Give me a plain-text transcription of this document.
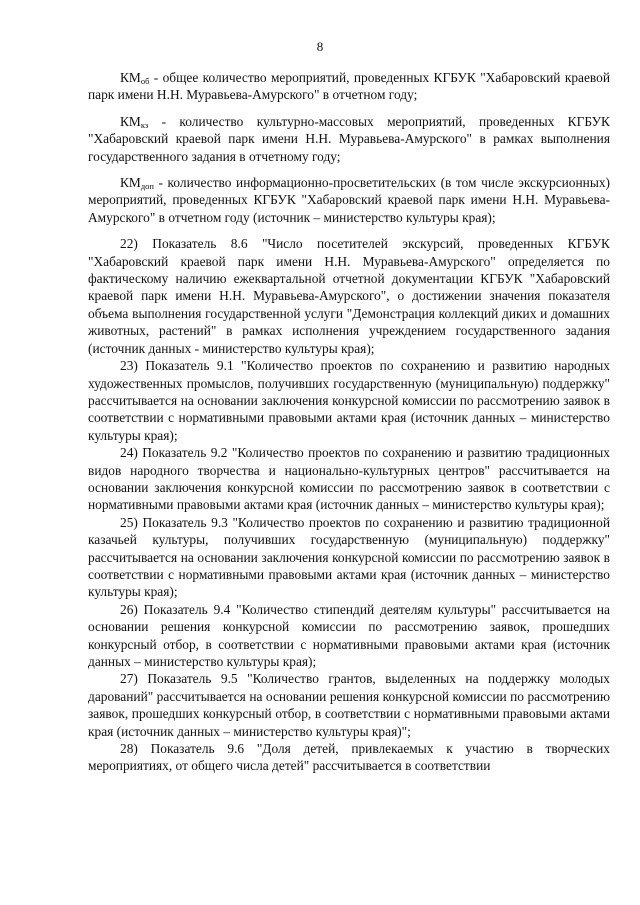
8

$КМ_{об}$ - общее количество мероприятий, проведенных КГБУК "Хабаровский краевой парк имени Н.Н. Муравьева-Амурского" в отчетном году;

$КМ_{кз}$ - количество культурно-массовых мероприятий, проведенных КГБУК "Хабаровский краевой парк имени Н.Н. Муравьева-Амурского" в рамках выполнения государственного задания в отчетному году;

$КМ_{доп}$ - количество информационно-просветительских (в том числе экскурсионных) мероприятий, проведенных КГБУК "Хабаровский краевой парк имени Н.Н. Муравьева-Амурского" в отчетном году (источник – министерство культуры края);

22) Показатель 8.6 "Число посетителей экскурсий, проведенных КГБУК "Хабаровский краевой парк имени Н.Н. Муравьева-Амурского" определяется по фактическому наличию ежеквартальной отчетной документации КГБУК "Хабаровский краевой парк имени Н.Н. Муравьева-Амурского", о достижении значения показателя объема выполнения государственной услуги "Демонстрация коллекций диких и домашних животных, растений" в рамках исполнения учреждением государственного задания (источник данных - министерство культуры края);

23) Показатель 9.1 "Количество проектов по сохранению и развитию народных художественных промыслов, получивших государственную (муниципальную) поддержку" рассчитывается на основании заключения конкурсной комиссии по рассмотрению заявок в соответствии с нормативными правовыми актами края (источник данных – министерство культуры края);

24) Показатель 9.2 "Количество проектов по сохранению и развитию традиционных видов народного творчества и национально-культурных центров" рассчитывается на основании заключения конкурсной комиссии по рассмотрению заявок в соответствии с нормативными правовыми актами края (источник данных – министерство культуры края);

25) Показатель 9.3 "Количество проектов по сохранению и развитию традиционной казачьей культуры, получивших государственную (муниципальную) поддержку" рассчитывается на основании заключения конкурсной комиссии по рассмотрению заявок в соответствии с нормативными правовыми актами края (источник данных – министерство культуры края);

26) Показатель 9.4 "Количество стипендий деятелям культуры" рассчитывается на основании решения конкурсной комиссии по рассмотрению заявок, прошедших конкурсный отбор, в соответствии с нормативными правовыми актами края (источник данных – министерство культуры края);

27) Показатель 9.5 "Количество грантов, выделенных на поддержку молодых дарований" рассчитывается на основании решения конкурсной комиссии по рассмотрению заявок, прошедших конкурсный отбор, в соответствии с нормативными правовыми актами края (источник данных – министерство культуры края)";

28) Показатель 9.6 "Доля детей, привлекаемых к участию в творческих мероприятиях, от общего числа детей" рассчитывается в соответствии
